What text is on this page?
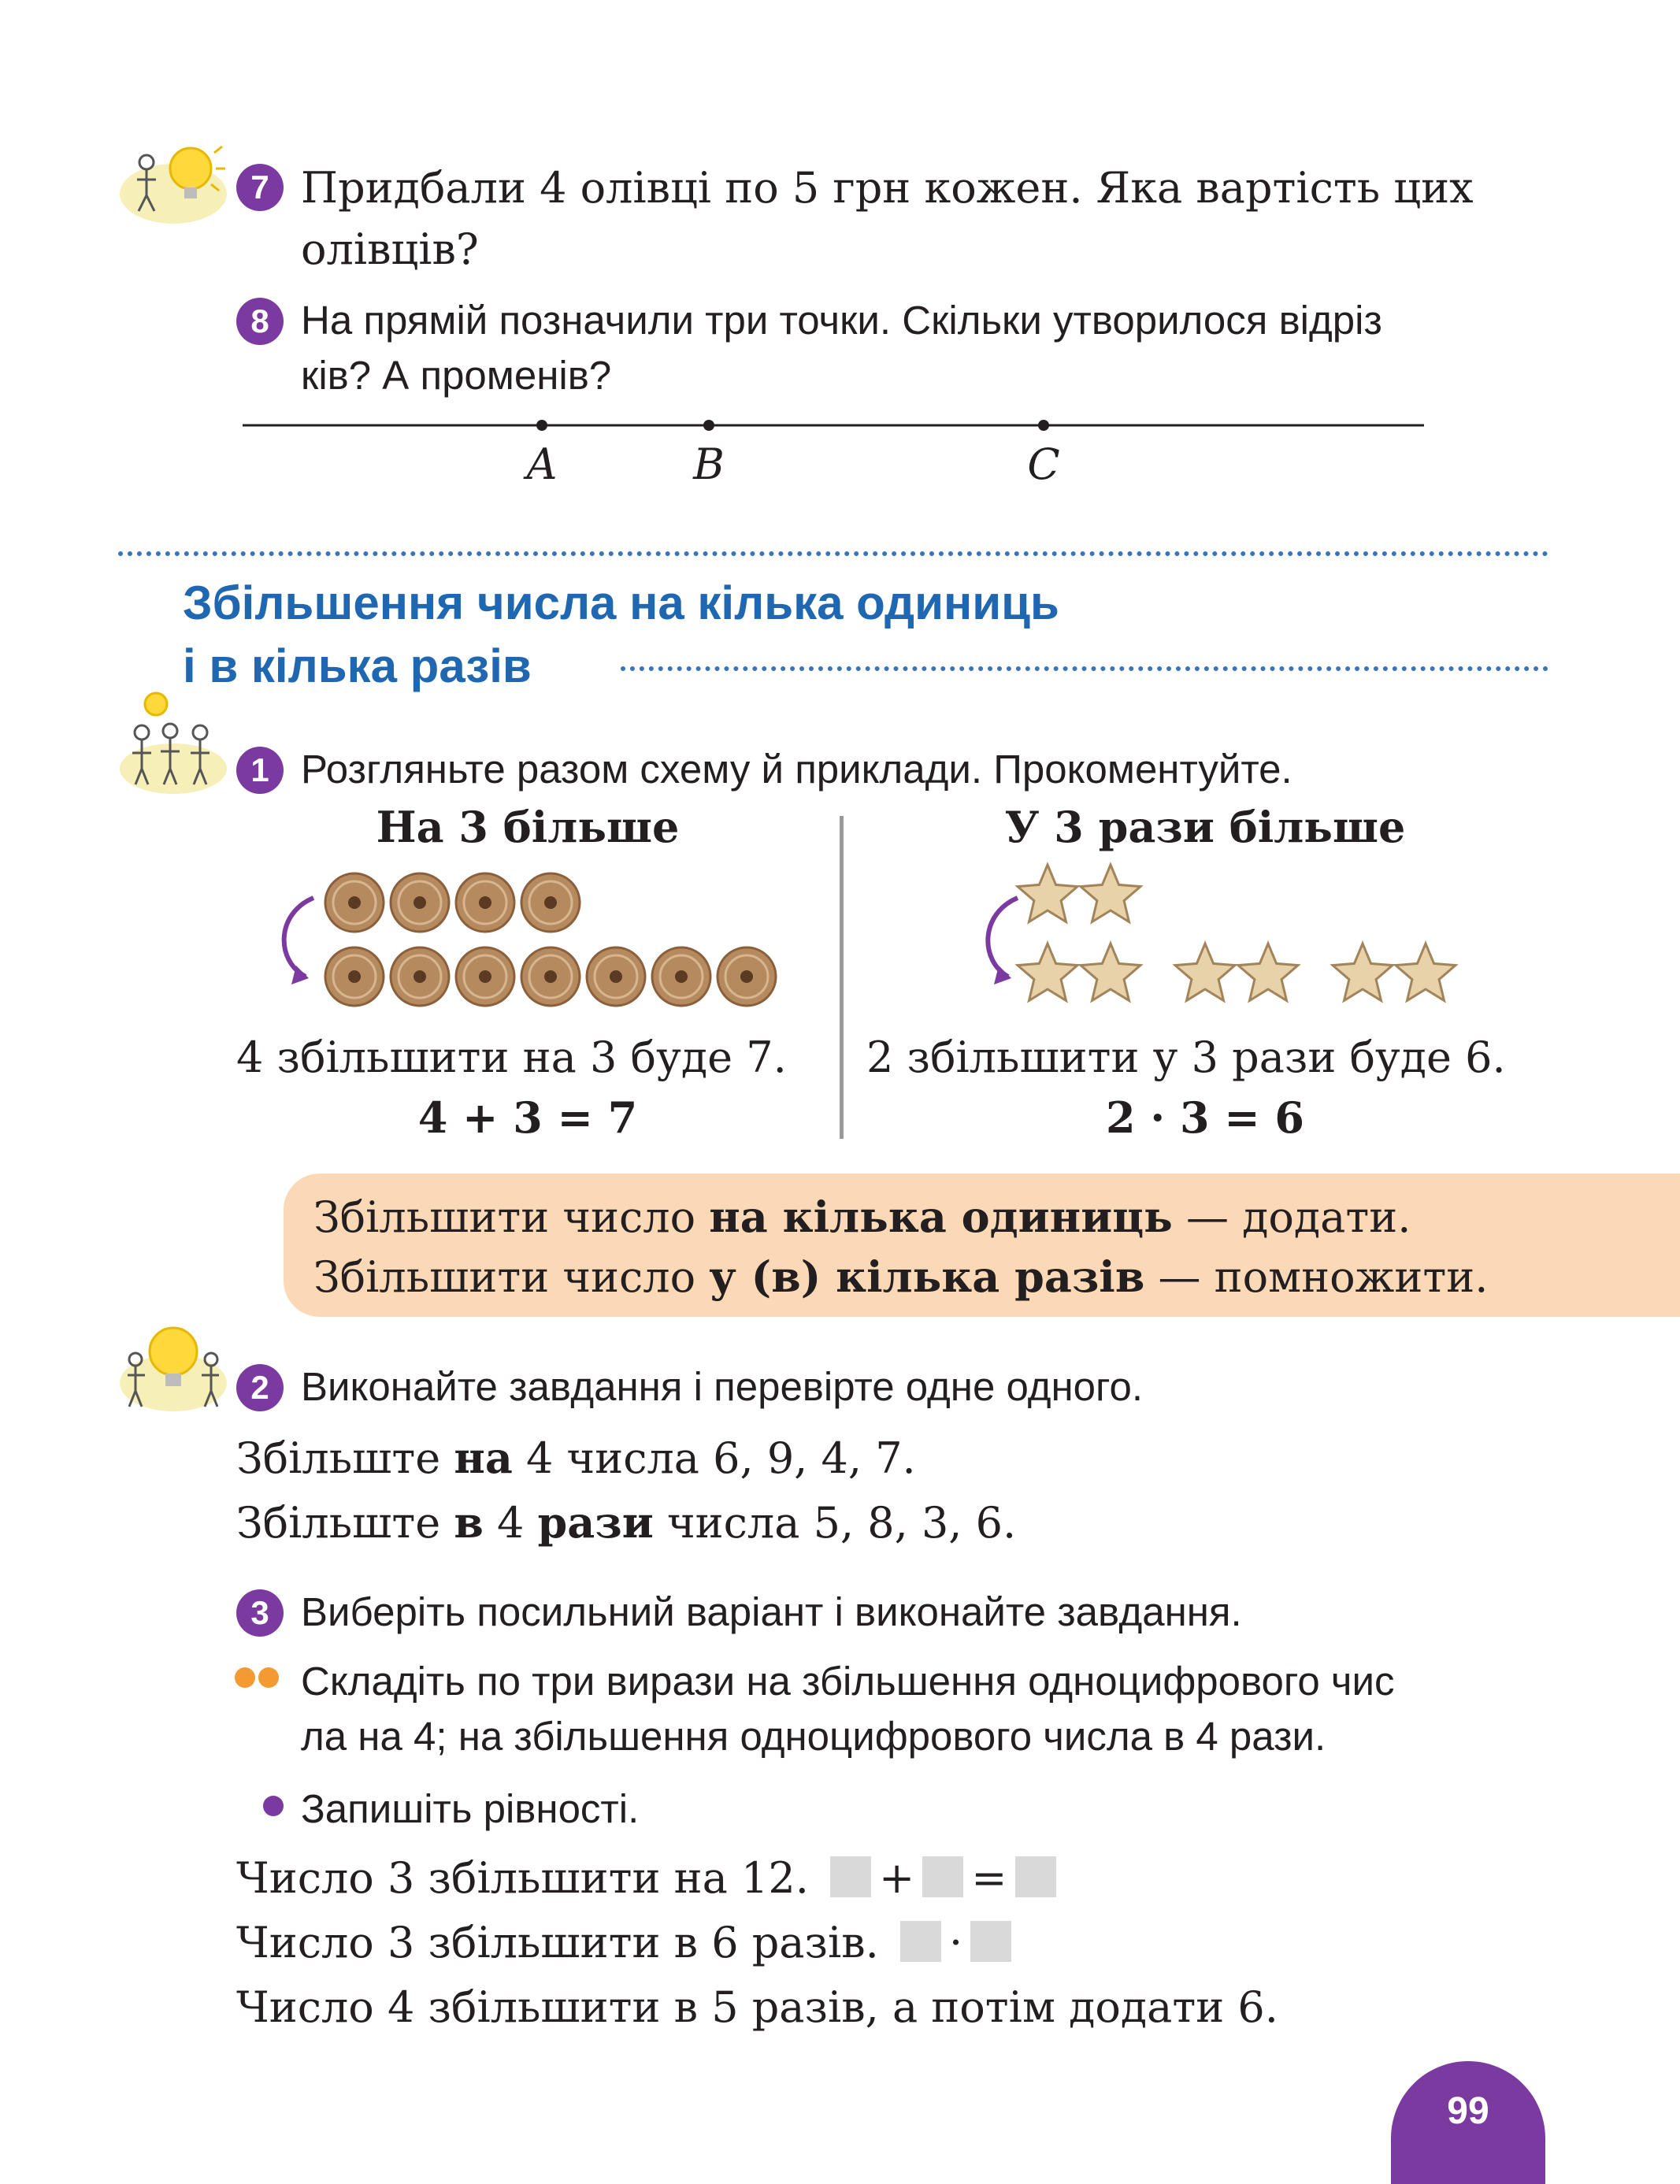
7 Придбали 4 олівці по 5 грн кожен. Яка вартість цих
олівців?
8 На прямій позначили три точки. Скільки утворилося відріз
ків? А променів?
A	B	C
Збільшення числа на кілька одиниць
і в кілька разів
1 Розгляньте разом схему й приклади. Прокоментуйте.
На 3 більше	У 3 рази більше
4 збільшити на 3 буде 7.
4 + 3 = 7
2 збільшити у 3 рази буде 6.
2 · 3 = 6
Збільшити число на кілька одиниць — додати.
Збільшити число у (в) кілька разів — помножити.
2 Виконайте завдання і перевірте одне одного.
Збільште на 4 числа 6, 9, 4, 7.
Збільште в 4 рази числа 5, 8, 3, 6.
3 Виберіть посильний варіант і виконайте завдання.
Складіть по три вирази на збільшення одноцифрового чис
ла на 4; на збільшення одноцифрового числа в 4 рази.
Запишіть рівності.
Число 3 збільшити на 12. + =
Число 3 збільшити в 6 разів. ·
Число 4 збільшити в 5 разів, а потім додати 6.
99
